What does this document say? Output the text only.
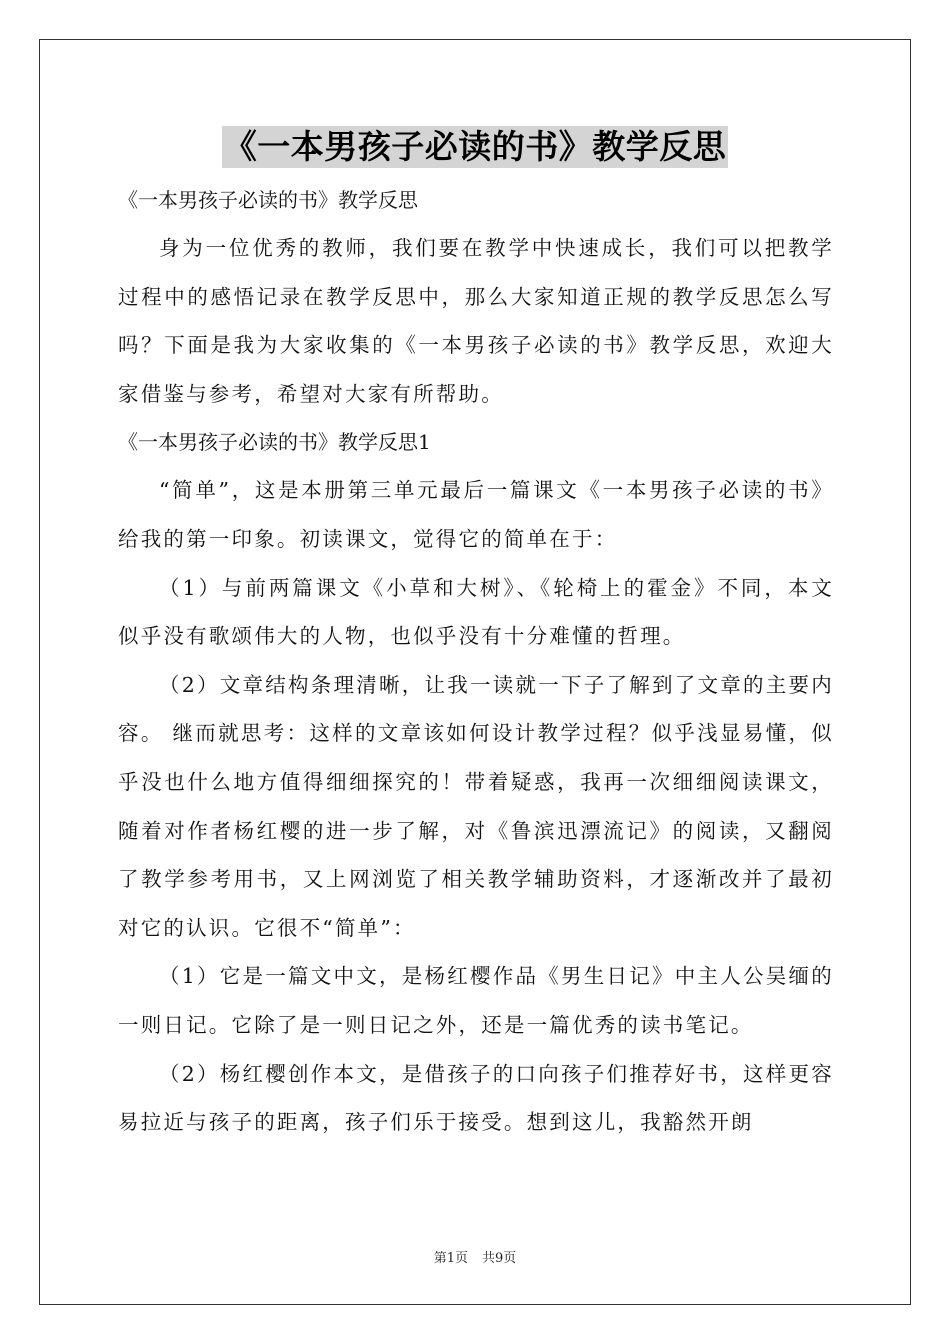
《一本男孩子必读的书》教学反思

《一本男孩子必读的书》教学反思

身为一位优秀的教师，我们要在教学中快速成长，我们可以把教学过程中的感悟记录在教学反思中，那么大家知道正规的教学反思怎么写吗？下面是我为大家收集的《一本男孩子必读的书》教学反思，欢迎大家借鉴与参考，希望对大家有所帮助。

《一本男孩子必读的书》教学反思1

“简单”，这是本册第三单元最后一篇课文《一本男孩子必读的书》给我的第一印象。初读课文，觉得它的简单在于：

（1）与前两篇课文《小草和大树》、《轮椅上的霍金》不同，本文似乎没有歌颂伟大的人物，也似乎没有十分难懂的哲理。

（2）文章结构条理清晰，让我一读就一下子了解到了文章的主要内容。 继而就思考：这样的文章该如何设计教学过程？似乎浅显易懂，似乎没也什么地方值得细细探究的！带着疑惑，我再一次细细阅读课文，随着对作者杨红樱的进一步了解，对《鲁滨迅漂流记》的阅读，又翻阅了教学参考用书，又上网浏览了相关教学辅助资料，才逐渐改并了最初对它的认识。它很不“简单”：

（1）它是一篇文中文，是杨红樱作品《男生日记》中主人公吴缅的一则日记。它除了是一则日记之外，还是一篇优秀的读书笔记。

（2）杨红樱创作本文，是借孩子的口向孩子们推荐好书，这样更容易拉近与孩子的距离，孩子们乐于接受。想到这儿，我豁然开朗

第1页 共9页
